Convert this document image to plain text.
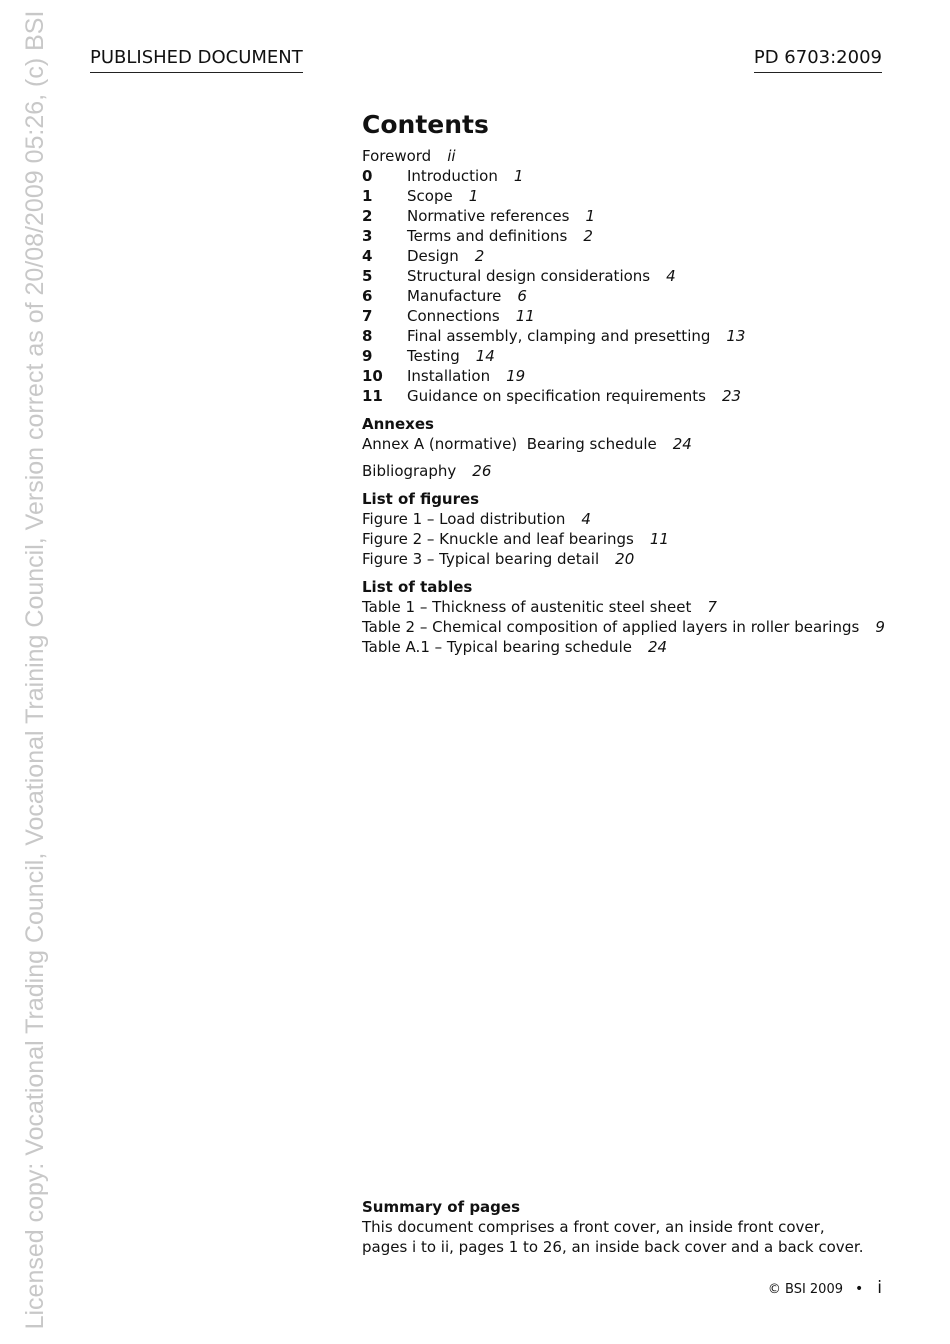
Licensed copy: Vocational Trading Council, Vocational Training Council, Version correct as of 20/08/2009 05:26, (c) BSI PUBLISHED DOCUMENT	PD 6703:2009
Contents
Foreword ii
0	Introduction 1
1	Scope 1
2	Normative references 1
3	Terms and definitions 2
4	Design 2
5	Structural design considerations 4
6	Manufacture 6
7	Connections 11
8	Final assembly, clamping and presetting 13
9	Testing 14
10	Installation 19
11	Guidance on specification requirements 23
Annexes
Annex A (normative)  Bearing schedule 24
Bibliography 26
List of figures
Figure 1 – Load distribution 4
Figure 2 – Knuckle and leaf bearings 11
Figure 3 – Typical bearing detail 20
List of tables
Table 1 – Thickness of austenitic steel sheet 7
Table 2 – Chemical composition of applied layers in roller bearings 9
Table A.1 – Typical bearing schedule 24
Summary of pages
This document comprises a front cover, an inside front cover,
pages i to ii, pages 1 to 26, an inside back cover and a back cover.
© BSI 2009 • i
